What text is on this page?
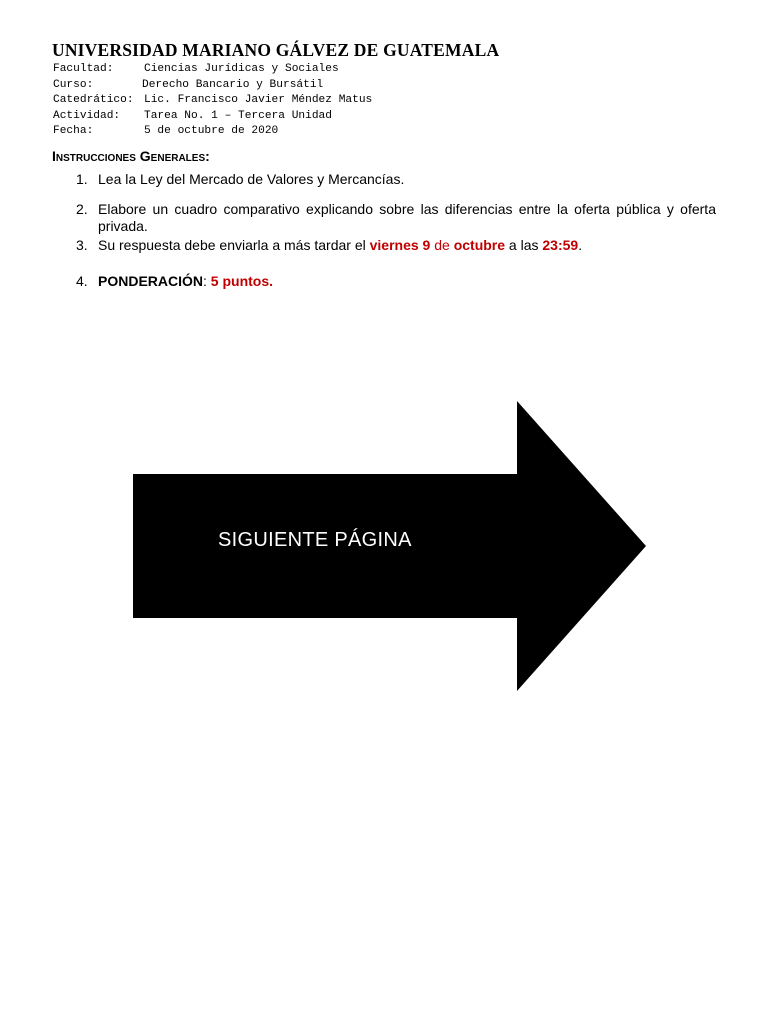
UNIVERSIDAD MARIANO GÁLVEZ DE GUATEMALA
Facultad:	Ciencias Jurídicas y Sociales
Curso:	Derecho Bancario y Bursátil
Catedrático: Lic. Francisco Javier Méndez Matus
Actividad:	Tarea No. 1 – Tercera Unidad
Fecha:	5 de octubre de 2020
Instrucciones Generales:
1. Lea la Ley del Mercado de Valores y Mercancías.
2. Elabore un cuadro comparativo explicando sobre las diferencias entre la oferta pública y oferta privada.
3. Su respuesta debe enviarla a más tardar el viernes 9 de octubre a las 23:59.
4. PONDERACIÓN: 5 puntos.
SIGUIENTE PÁGINA
